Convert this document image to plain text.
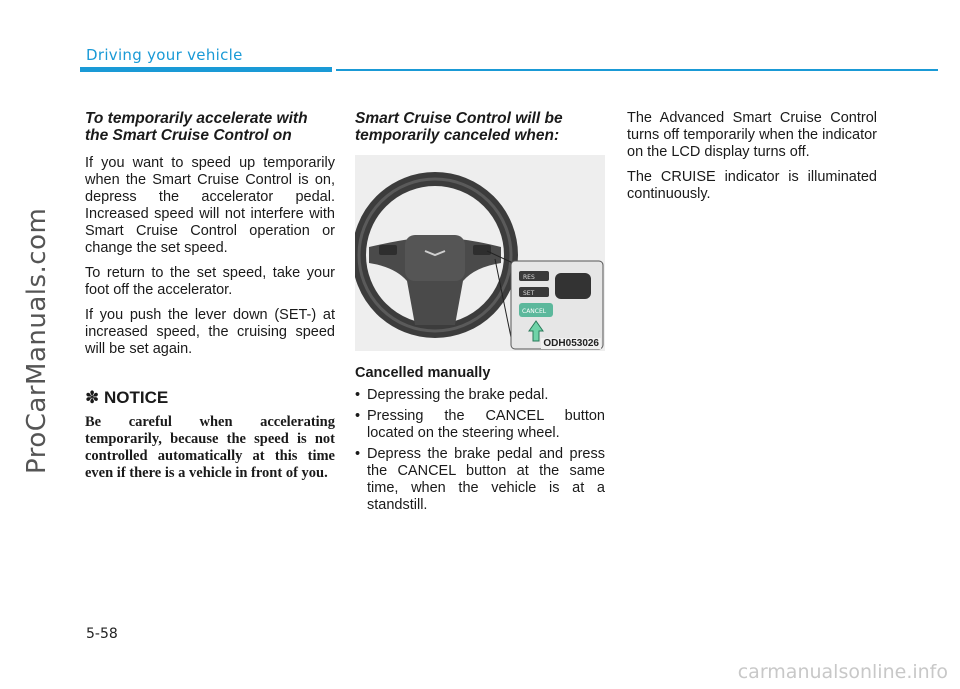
Driving your vehicle
ProCarManuals.com
To temporarily accelerate with the Smart Cruise Control on

If you want to speed up temporarily when the Smart Cruise Control is on, depress the accelerator pedal. Increased speed will not interfere with Smart Cruise Control operation or change the set speed.

To return to the set speed, take your foot off the accelerator.

If you push the lever down (SET-) at increased speed, the cruising speed will be set again.

✽ NOTICE

Be careful when accelerating temporarily, because the speed is not controlled automatically at this time even if there is a vehicle in front of you.

Smart Cruise Control will be temporarily canceled when:
RES
SET
CANCEL
ODH053026
Cancelled manually
• Depressing the brake pedal.
• Pressing the CANCEL button located on the steering wheel.
• Depress the brake pedal and press the CANCEL button at the same time, when the vehicle is at a standstill.

The Advanced Smart Cruise Control turns off temporarily when the indicator on the LCD display turns off.

The CRUISE indicator is illuminated continuously.

5-58
carmanualsonline.info
